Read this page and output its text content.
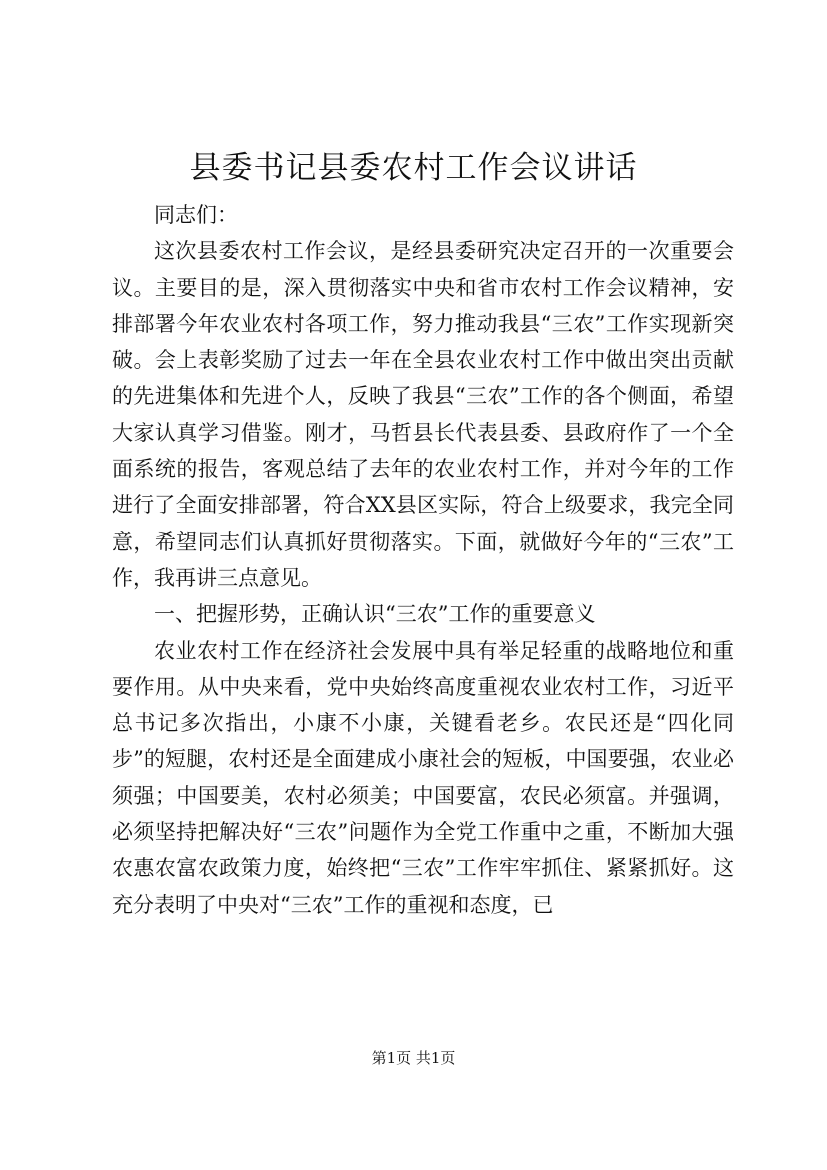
县委书记县委农村工作会议讲话

同志们：

这次县委农村工作会议，是经县委研究决定召开的一次重要会议。主要目的是，深入贯彻落实中央和省市农村工作会议精神，安排部署今年农业农村各项工作，努力推动我县“三农”工作实现新突破。会上表彰奖励了过去一年在全县农业农村工作中做出突出贡献的先进集体和先进个人，反映了我县“三农”工作的各个侧面，希望大家认真学习借鉴。刚才，马哲县长代表县委、县政府作了一个全面系统的报告，客观总结了去年的农业农村工作，并对今年的工作进行了全面安排部署，符合XX县区实际，符合上级要求，我完全同意，希望同志们认真抓好贯彻落实。下面，就做好今年的“三农”工作，我再讲三点意见。

一、把握形势，正确认识“三农”工作的重要意义

农业农村工作在经济社会发展中具有举足轻重的战略地位和重要作用。从中央来看，党中央始终高度重视农业农村工作，习近平总书记多次指出，小康不小康，关键看老乡。农民还是“四化同步”的短腿，农村还是全面建成小康社会的短板，中国要强，农业必须强；中国要美，农村必须美；中国要富，农民必须富。并强调，必须坚持把解决好“三农”问题作为全党工作重中之重，不断加大强农惠农富农政策力度，始终把“三农”工作牢牢抓住、紧紧抓好。这充分表明了中央对“三农”工作的重视和态度，已

第1页 共1页
